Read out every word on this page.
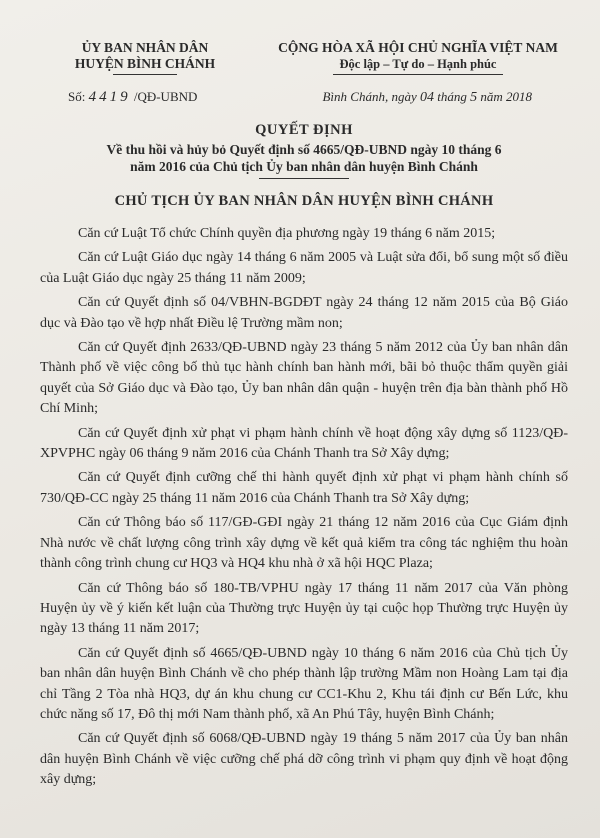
ỦY BAN NHÂN DÂN
HUYỆN BÌNH CHÁNH
CỘNG HÒA XÃ HỘI CHỦ NGHĨA VIỆT NAM
Độc lập – Tự do – Hạnh phúc
Số: 4419 /QĐ-UBND	Bình Chánh, ngày 04 tháng 5 năm 2018
QUYẾT ĐỊNH
Về thu hồi và hủy bỏ Quyết định số 4665/QĐ-UBND ngày 10 tháng 6
năm 2016 của Chủ tịch Ủy ban nhân dân huyện Bình Chánh
CHỦ TỊCH ỦY BAN NHÂN DÂN HUYỆN BÌNH CHÁNH

Căn cứ Luật Tổ chức Chính quyền địa phương ngày 19 tháng 6 năm 2015;

Căn cứ Luật Giáo dục ngày 14 tháng 6 năm 2005 và Luật sửa đổi, bổ sung một số điều của Luật Giáo dục ngày 25 tháng 11 năm 2009;

Căn cứ Quyết định số 04/VBHN-BGDĐT ngày 24 tháng 12 năm 2015 của Bộ Giáo dục và Đào tạo về hợp nhất Điều lệ Trường mầm non;

Căn cứ Quyết định 2633/QĐ-UBND ngày 23 tháng 5 năm 2012 của Ủy ban nhân dân Thành phố về việc công bố thủ tục hành chính ban hành mới, bãi bỏ thuộc thẩm quyền giải quyết của Sở Giáo dục và Đào tạo, Ủy ban nhân dân quận - huyện trên địa bàn thành phố Hồ Chí Minh;

Căn cứ Quyết định xử phạt vi phạm hành chính về hoạt động xây dựng số 1123/QĐ-XPVPHC ngày 06 tháng 9 năm 2016 của Chánh Thanh tra Sở Xây dựng;

Căn cứ Quyết định cưỡng chế thi hành quyết định xử phạt vi phạm hành chính số 730/QĐ-CC ngày 25 tháng 11 năm 2016 của Chánh Thanh tra Sở Xây dựng;

Căn cứ Thông báo số 117/GĐ-GĐI ngày 21 tháng 12 năm 2016 của Cục Giám định Nhà nước về chất lượng công trình xây dựng về kết quả kiểm tra công tác nghiệm thu hoàn thành công trình chung cư HQ3 và HQ4 khu nhà ở xã hội HQC Plaza;

Căn cứ Thông báo số 180-TB/VPHU ngày 17 tháng 11 năm 2017 của Văn phòng Huyện ủy về ý kiến kết luận của Thường trực Huyện ủy tại cuộc họp Thường trực Huyện ủy ngày 13 tháng 11 năm 2017;

Căn cứ Quyết định số 4665/QĐ-UBND ngày 10 tháng 6 năm 2016 của Chủ tịch Ủy ban nhân dân huyện Bình Chánh về cho phép thành lập trường Mầm non Hoàng Lam tại địa chỉ Tầng 2 Tòa nhà HQ3, dự án khu chung cư CC1-Khu 2, Khu tái định cư Bến Lức, khu chức năng số 17, Đô thị mới Nam thành phố, xã An Phú Tây, huyện Bình Chánh;

Căn cứ Quyết định số 6068/QĐ-UBND ngày 19 tháng 5 năm 2017 của Ủy ban nhân dân huyện Bình Chánh về việc cưỡng chế phá dỡ công trình vi phạm quy định về hoạt động xây dựng;
